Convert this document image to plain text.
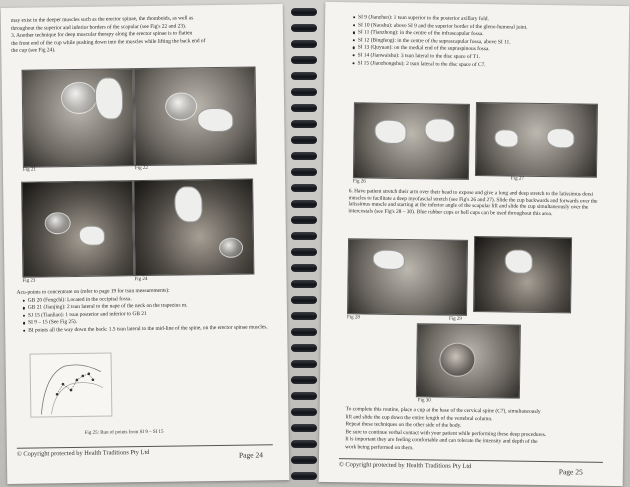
may exist in the deeper muscles such as the erector spinae, the rhomboids, as well as

throughout the superior and inferior borders of the scapular (see Fig's 22 and 23).

3. Another technique for deep muscular therapy along the erector spinae is to flatten

the front end of the cup while pushing down into the muscles while lifting the back end of

the cup (see Fig 24).

Fig 21	Fig 22
Fig 23	Fig 24

Acu-points to concentrate on (refer to page 19 for tsun measurements):

GB 20 (Fengchi): Located in the occipital fossa.
GB 21 (Jianjing): 2 tsun lateral to the nape of the neck on the trapezius m.
SJ 15 (Tianliao): 1 tsun posterior and inferior to GB 21
SI 9 – 15 (See Fig 25).
BI points all the way down the back: 1.5 tsun lateral to the mid-line of the spine, on the erector spinae muscles.
Fig 25: Run of points from SI 9 – SI 15
© Copyright protected by Health Traditions Pty Ltd	Page 24
SI 9 (Jianzhen): 1 tsun superior to the posterior axillary fold.
SI 10 (Naoshu): above SI 9 and the superior border of the gleno-humeral joint.
SI 11 (Tianzhong): in the centre of the infrascapular fossa.
SI 12 (Bingfeng): in the centre of the suprascapular fossa, above SI 11.
SI 13 (Quyuan): on the medial end of the supraspinous fossa.
SI 14 (Jianwaishu): 3 tsun lateral to the disc space of T1.
SI 15 (Jianzhongshu): 2 tsun lateral to the disc space of C7.
Fig 26
Fig 27
6. Have patient stretch their arm over their head to expose and give a long and deep stretch to the latissimus dorsi muscles to facilitate a deep myofascial stretch (see Fig's 26 and 27). Slide the cup backwards and forwards over the latissimus muscle and starting at the inferior angle of the scapular lift and slide the cup simultaneously over the intercostals (see Fig's 28 – 30). Blue rubber cups or bell cups can be used throughout this area.
Fig 28	Fig 29
Fig 30

To complete this routine, place a cup at the base of the cervical spine (C7), simultaneously

lift and slide the cup down the entire length of the vertebral column.

Repeat these techniques on the other side of the body.

Be sure to continue verbal contact with your patient while performing these deep procedures.

It is important they are feeling comfortable and can tolerate the intensity and depth of the

work being performed on them.

© Copyright protected by Health Traditions Pty Ltd
Page 25
